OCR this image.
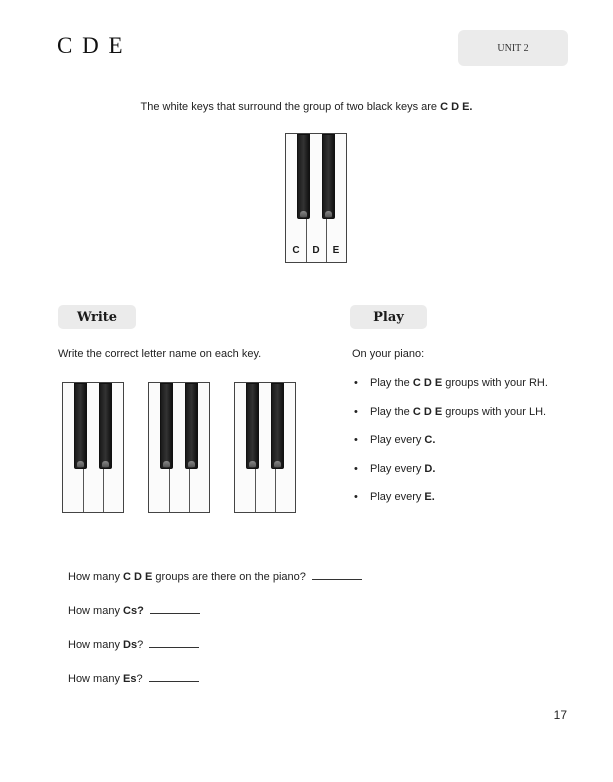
C D E	UNIT 2
The white keys that surround the group of two black keys are C D E.
C	D	E
Write
Write the correct letter name on each key.
Play
On your piano:
• Play the C D E groups with your RH.
• Play the C D E groups with your LH.
• Play every C.
• Play every D.
• Play every E.
How many C D E groups are there on the piano?
How many Cs?
How many Ds?
How many Es?
17
